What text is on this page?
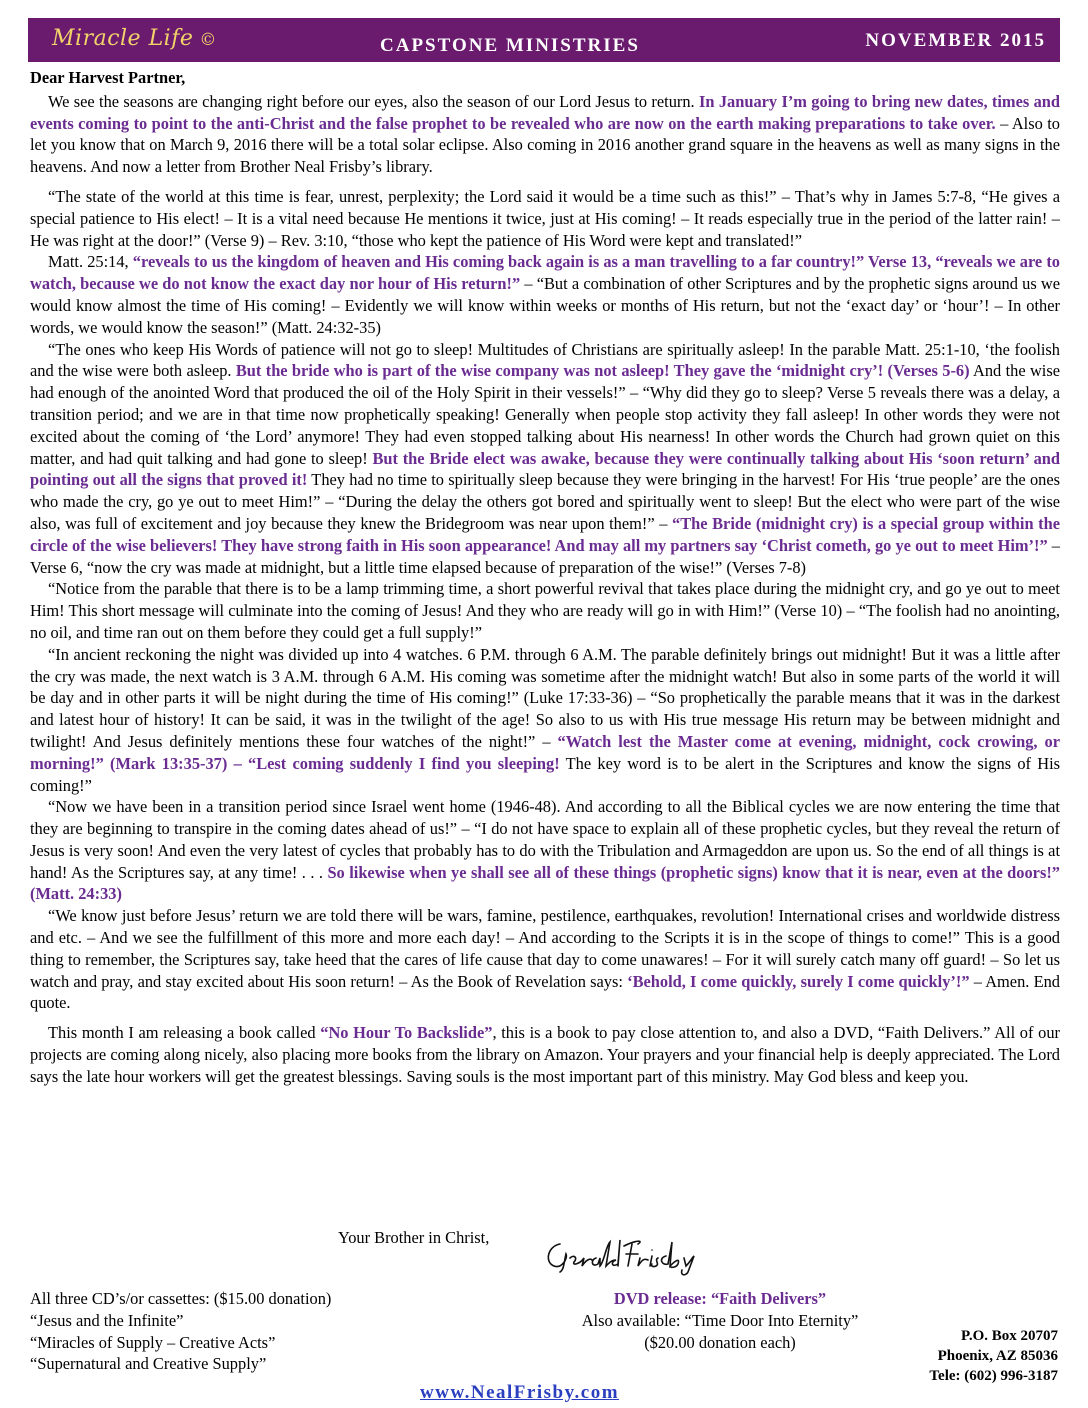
Miracle Life ©	CAPSTONE MINISTRIES	NOVEMBER 2015

Dear Harvest Partner,

We see the seasons are changing right before our eyes, also the season of our Lord Jesus to return. In January I’m going to bring new dates, times and events coming to point to the anti-Christ and the false prophet to be revealed who are now on the earth making preparations to take over. – Also to let you know that on March 9, 2016 there will be a total solar eclipse. Also coming in 2016 another grand square in the heavens as well as many signs in the heavens. And now a letter from Brother Neal Frisby’s library.

“The state of the world at this time is fear, unrest, perplexity; the Lord said it would be a time such as this!” – That’s why in James 5:7-8, “He gives a special patience to His elect! – It is a vital need because He mentions it twice, just at His coming! – It reads especially true in the period of the latter rain! – He was right at the door!” (Verse 9) – Rev. 3:10, “those who kept the patience of His Word were kept and translated!”

Matt. 25:14, “reveals to us the kingdom of heaven and His coming back again is as a man travelling to a far country!” Verse 13, “reveals we are to watch, because we do not know the exact day nor hour of His return!” – “But a combination of other Scriptures and by the prophetic signs around us we would know almost the time of His coming! – Evidently we will know within weeks or months of His return, but not the ‘exact day’ or ‘hour’! – In other words, we would know the season!” (Matt. 24:32-35)

“The ones who keep His Words of patience will not go to sleep! Multitudes of Christians are spiritually asleep! In the parable Matt. 25:1-10, ‘the foolish and the wise were both asleep. But the bride who is part of the wise company was not asleep! They gave the ‘midnight cry’! (Verses 5-6) And the wise had enough of the anointed Word that produced the oil of the Holy Spirit in their vessels!” – “Why did they go to sleep? Verse 5 reveals there was a delay, a transition period; and we are in that time now prophetically speaking! Generally when people stop activity they fall asleep! In other words they were not excited about the coming of ‘the Lord’ anymore! They had even stopped talking about His nearness! In other words the Church had grown quiet on this matter, and had quit talking and had gone to sleep! But the Bride elect was awake, because they were continually talking about His ‘soon return’ and pointing out all the signs that proved it! They had no time to spiritually sleep because they were bringing in the harvest! For His ‘true people’ are the ones who made the cry, go ye out to meet Him!” – “During the delay the others got bored and spiritually went to sleep! But the elect who were part of the wise also, was full of excitement and joy because they knew the Bridegroom was near upon them!” – “The Bride (midnight cry) is a special group within the circle of the wise believers! They have strong faith in His soon appearance! And may all my partners say ‘Christ cometh, go ye out to meet Him’!” – Verse 6, “now the cry was made at midnight, but a little time elapsed because of preparation of the wise!” (Verses 7-8)

“Notice from the parable that there is to be a lamp trimming time, a short powerful revival that takes place during the midnight cry, and go ye out to meet Him! This short message will culminate into the coming of Jesus! And they who are ready will go in with Him!” (Verse 10) – “The foolish had no anointing, no oil, and time ran out on them before they could get a full supply!”

“In ancient reckoning the night was divided up into 4 watches. 6 P.M. through 6 A.M. The parable definitely brings out midnight! But it was a little after the cry was made, the next watch is 3 A.M. through 6 A.M. His coming was sometime after the midnight watch! But also in some parts of the world it will be day and in other parts it will be night during the time of His coming!” (Luke 17:33-36) – “So prophetically the parable means that it was in the darkest and latest hour of history! It can be said, it was in the twilight of the age! So also to us with His true message His return may be between midnight and twilight! And Jesus definitely mentions these four watches of the night!” – “Watch lest the Master come at evening, midnight, cock crowing, or morning!” (Mark 13:35-37) – “Lest coming suddenly I find you sleeping! The key word is to be alert in the Scriptures and know the signs of His coming!”

“Now we have been in a transition period since Israel went home (1946-48). And according to all the Biblical cycles we are now entering the time that they are beginning to transpire in the coming dates ahead of us!” – “I do not have space to explain all of these prophetic cycles, but they reveal the return of Jesus is very soon! And even the very latest of cycles that probably has to do with the Tribulation and Armageddon are upon us. So the end of all things is at hand! As the Scriptures say, at any time! . . . So likewise when ye shall see all of these things (prophetic signs) know that it is near, even at the doors!” (Matt. 24:33)

“We know just before Jesus’ return we are told there will be wars, famine, pestilence, earthquakes, revolution! International crises and worldwide distress and etc. – And we see the fulfillment of this more and more each day! – And according to the Scripts it is in the scope of things to come!” This is a good thing to remember, the Scriptures say, take heed that the cares of life cause that day to come unawares! – For it will surely catch many off guard! – So let us watch and pray, and stay excited about His soon return! – As the Book of Revelation says: ‘Behold, I come quickly, surely I come quickly’!” – Amen. End quote.

This month I am releasing a book called “No Hour To Backslide”, this is a book to pay close attention to, and also a DVD, “Faith Delivers.” All of our projects are coming along nicely, also placing more books from the library on Amazon. Your prayers and your financial help is deeply appreciated. The Lord says the late hour workers will get the greatest blessings. Saving souls is the most important part of this ministry. May God bless and keep you.

Your Brother in Christ,
All three CD’s/or cassettes: ($15.00 donation)
“Jesus and the Infinite”
“Miracles of Supply – Creative Acts”
“Supernatural and Creative Supply”
DVD release: “Faith Delivers”
Also available: “Time Door Into Eternity”
($20.00 donation each)
www.NealFrisby.com
P.O. Box 20707
Phoenix, AZ 85036
Tele: (602) 996-3187
